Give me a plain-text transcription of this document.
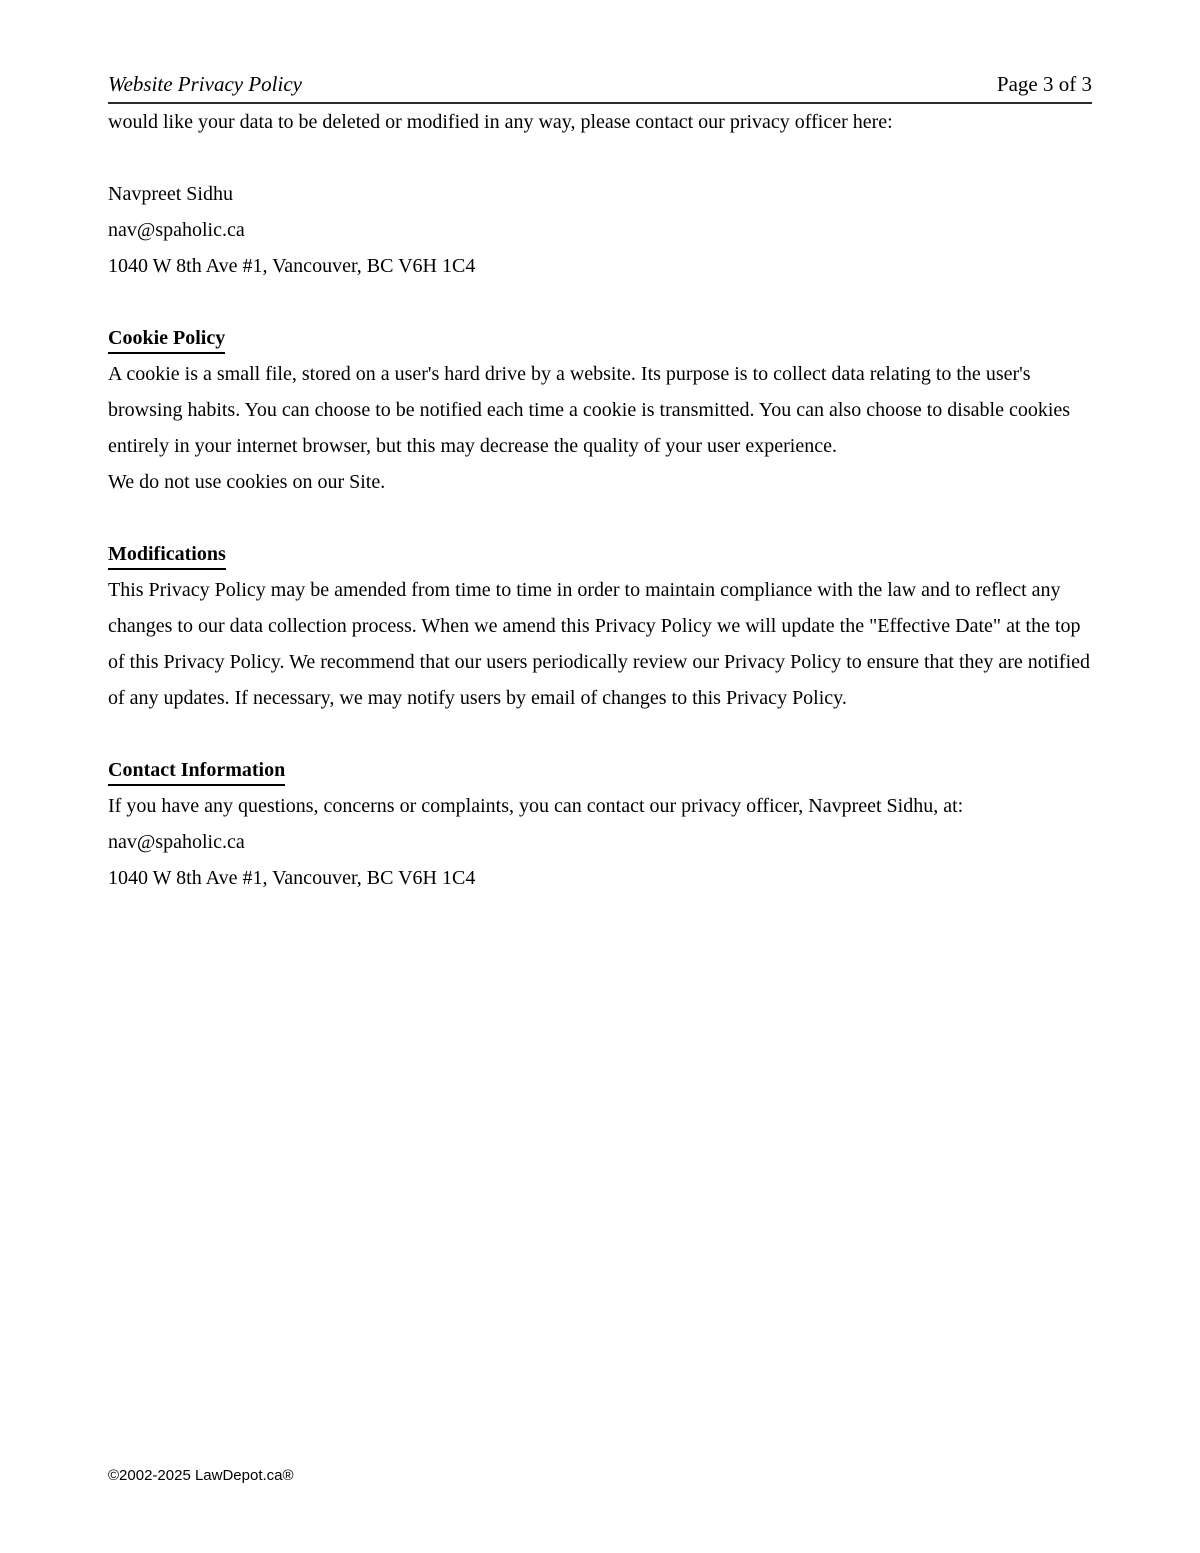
Website Privacy Policy	Page 3 of 3

would like your data to be deleted or modified in any way, please contact our privacy officer here:

Navpreet Sidhu

nav@spaholic.ca

1040 W 8th Ave #1, Vancouver, BC V6H 1C4

Cookie Policy

A cookie is a small file, stored on a user's hard drive by a website. Its purpose is to collect data relating to the user's browsing habits. You can choose to be notified each time a cookie is transmitted. You can also choose to disable cookies entirely in your internet browser, but this may decrease the quality of your user experience.

We do not use cookies on our Site.

Modifications

This Privacy Policy may be amended from time to time in order to maintain compliance with the law and to reflect any changes to our data collection process. When we amend this Privacy Policy we will update the "Effective Date" at the top of this Privacy Policy. We recommend that our users periodically review our Privacy Policy to ensure that they are notified of any updates. If necessary, we may notify users by email of changes to this Privacy Policy.

Contact Information

If you have any questions, concerns or complaints, you can contact our privacy officer, Navpreet Sidhu, at:

nav@spaholic.ca

1040 W 8th Ave #1, Vancouver, BC V6H 1C4

©2002-2025 LawDepot.ca®
